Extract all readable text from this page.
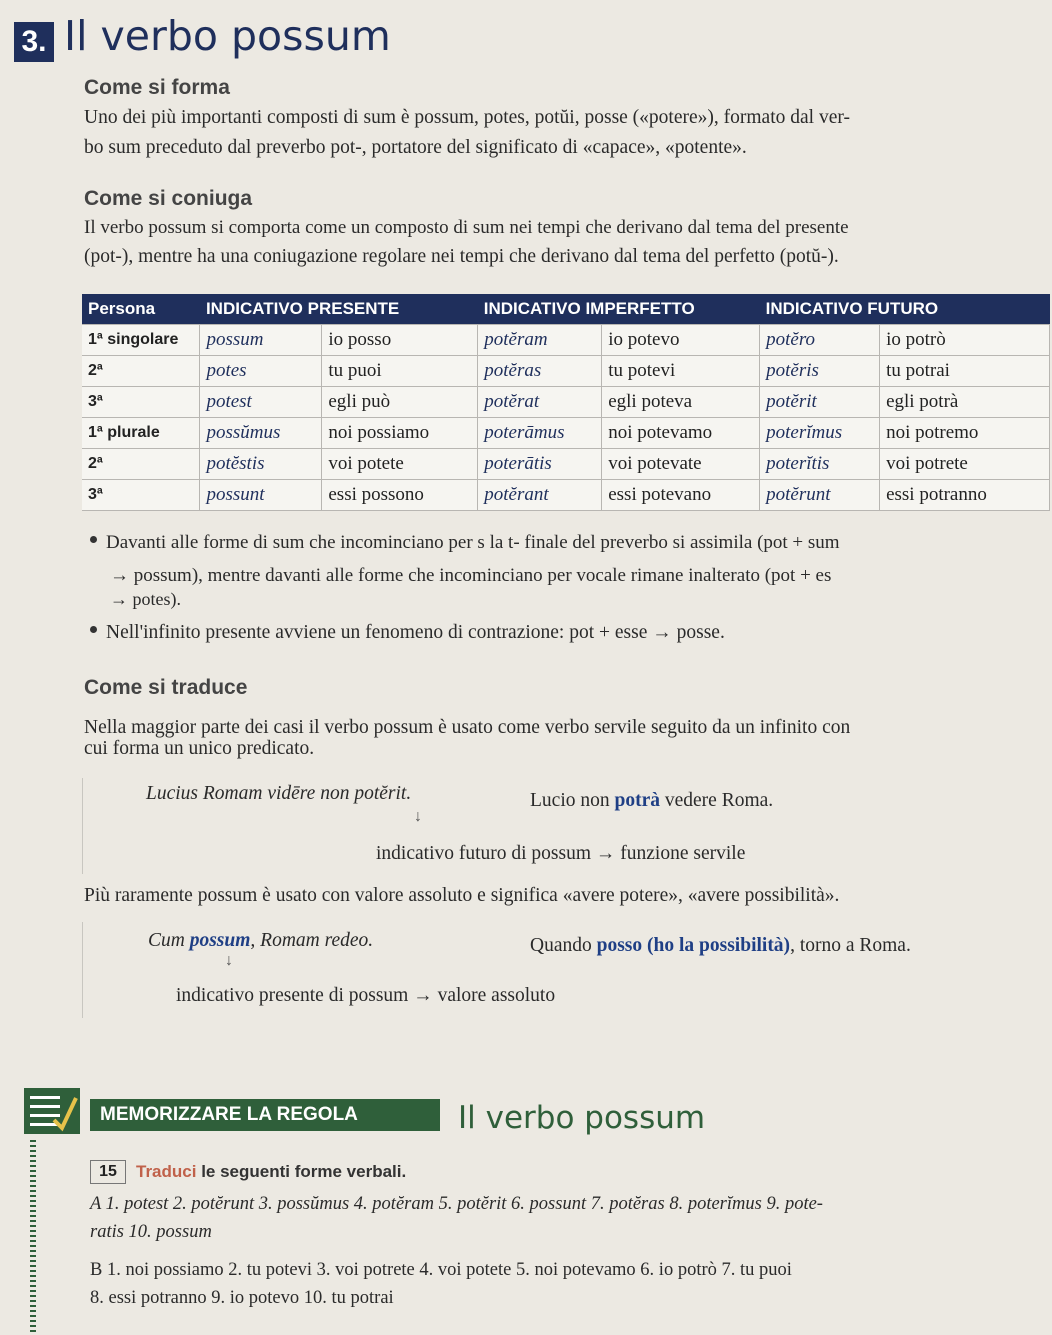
3. Il verbo possum
Come si forma
Uno dei più importanti composti di sum è possum, potes, potŭi, posse («potere»), formato dal ver-
bo sum preceduto dal preverbo pot-, portatore del significato di «capace», «potente».
Come si coniuga
Il verbo possum si comporta come un composto di sum nei tempi che derivano dal tema del presente
(pot-), mentre ha una coniugazione regolare nei tempi che derivano dal tema del perfetto (potŭ-).
Persona	INDICATIVO PRESENTE		INDICATIVO IMPERFETTO		INDICATIVO FUTURO	
1ª singolare	possum	io posso	potĕram	io potevo	potĕro	io potrò
2ª	potes	tu puoi	potĕras	tu potevi	potĕris	tu potrai
3ª	potest	egli può	potĕrat	egli poteva	potĕrit	egli potrà
1ª plurale	possŭmus	noi possiamo	poterāmus	noi potevamo	poterĭmus	noi potremo
2ª	potĕstis	voi potete	poterātis	voi potevate	poterĭtis	voi potrete
3ª	possunt	essi possono	potĕrant	essi potevano	potĕrunt	essi potranno
Davanti alle forme di sum che incominciano per s la t- finale del preverbo si assimila (pot + sum
→ possum), mentre davanti alle forme che incominciano per vocale rimane inalterato (pot + es
→ potes).
Nell'infinito presente avviene un fenomeno di contrazione: pot + esse → posse.
Come si traduce
Nella maggior parte dei casi il verbo possum è usato come verbo servile seguito da un infinito con
cui forma un unico predicato.
Lucius Romam vidēre non potĕrit.	Lucio non potrà vedere Roma.
↓
indicativo futuro di possum → funzione servile
Più raramente possum è usato con valore assoluto e significa «avere potere», «avere possibilità».
Cum possum, Romam redeo.	Quando posso (ho la possibilità), torno a Roma.
↓
indicativo presente di possum → valore assoluto
MEMORIZZARE LA REGOLA	Il verbo possum
15	Traduci le seguenti forme verbali.
A 1. potest 2. potĕrunt 3. possŭmus 4. potĕram 5. potĕrit 6. possunt 7. potĕras 8. poterĭmus 9. pote-
ratis 10. possum
B 1. noi possiamo 2. tu potevi 3. voi potrete 4. voi potete 5. noi potevamo 6. io potrò 7. tu puoi
8. essi potranno 9. io potevo 10. tu potrai
